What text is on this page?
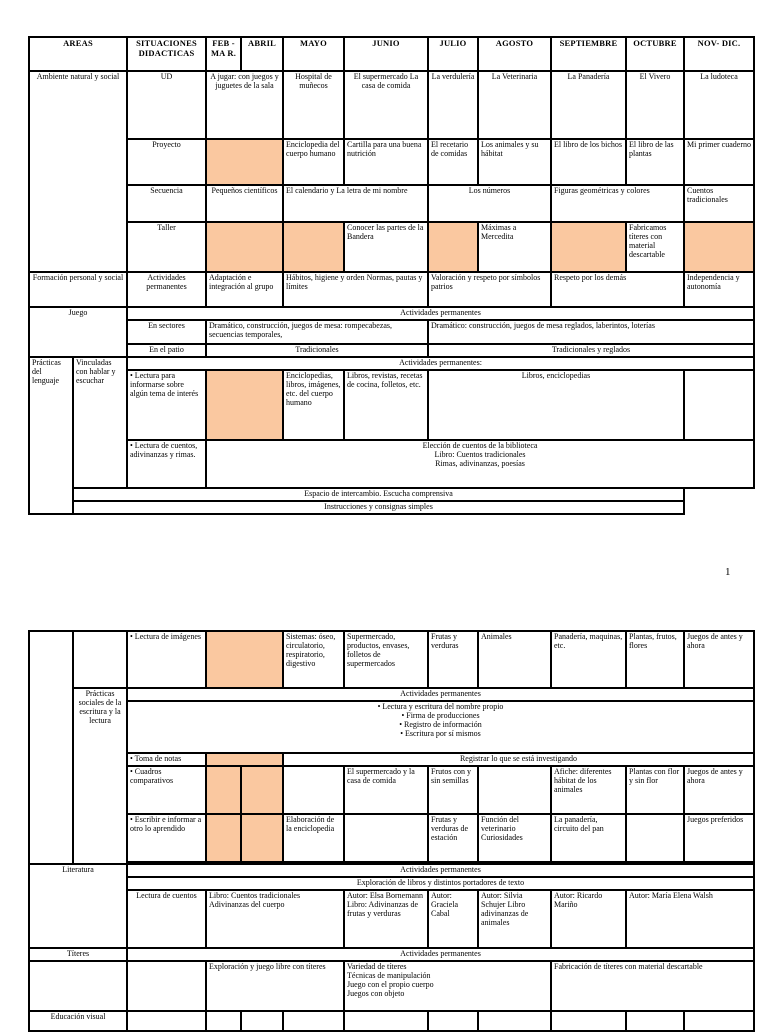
1
AREAS		SITUACIONES DIDACTICAS	FEB -MA R.	ABRIL	MAYO	JUNIO	JULIO	AGOSTO	SEPTIEMBRE	OCTUBRE	NOV- DIC.
Ambiente natural y social		UD	A jugar: con juegos y juguetes de la sala		Hospital de muñecos	El supermercado La casa de comida	La verdulería	La Veterinaria	La Panadería	El Vivero	La ludoteca
		Proyecto			Enciclopedia del cuerpo humano	Cartilla para una buena nutrición	El recetario de comidas	Los animales y su hábitat	El libro de los bichos	El libro de las plantas	Mi primer cuaderno
		Secuencia	Pequeños científicos		El calendario y La letra de mi nombre		Los números		Figuras geométricas y colores		Cuentos tradicionales
		Taller				Conocer las partes de la Bandera		Máximas a Mercedita		Fabricamos títeres con material descartable	
Formación personal y social		Actividades permanentes	Adaptación e integración al grupo		Hábitos, higiene y orden Normas, pautas y límites		Valoración y respeto por símbolos patrios		Respeto por los demás		Independencia y autonomía
Juego		Actividades permanentes									
		En sectores	Dramático, construcción, juegos de mesa: rompecabezas, secuencias temporales,				Dramático: construcción, juegos de mesa reglados, laberintos, loterías				
		En el patio	Tradicionales				Tradicionales y reglados				
Prácticas del lenguaje	Vinculadas con hablar y escuchar	Actividades permanentes:									
		• Lectura para informarse sobre algún tema de interés			Enciclopedias, libros, imágenes, etc. del cuerpo humano	Libros, revistas, recetas de cocina, folletos, etc.	Libros, enciclopedias				
		• Lectura de cuentos, adivinanzas y rimas.	Elección de cuentos de la biblioteca
Libro: Cuentos tradicionales
Rimas, adivinanzas, poesías								
	Espacio de intercambio. Escucha comprensiva										
	Instrucciones y consignas simples										
		• Lectura de imágenes			Sistemas: óseo, circulatorio, respiratorio, digestivo	Supermercado, productos, envases, folletos de supermercados	Frutas y verduras	Animales	Panadería, maquinas, etc.	Plantas, frutos, flores	Juegos de antes y ahora
	Prácticas sociales de la escritura y la lectura	Actividades permanentes									

		• Lectura y escritura del nombre propio
• Firma de producciones
• Registro de información
• Escritura por sí mismos									

		• Toma de notas			Registrar lo que se está investigando						
		• Cuadros comparativos				El supermercado y la casa de comida	Frutos con y sin semillas		Afiche: diferentes hábitat de los animales	Plantas con flor y sin flor	Juegos de antes y ahora
		• Escribir e informar a otro lo aprendido			Elaboración de la enciclopedia		Frutas y verduras de estación	Función del veterinario Curiosidades	La panadería, circuito del pan		Juegos preferidos

Literatura		Actividades permanentes									
		Exploración de libros y distintos portadores de texto									
		Lectura de cuentos	Libro: Cuentos tradicionales Adivinanzas del cuerpo			Autor: Elsa Bornemann Libro: Adivinanzas de frutas y verduras	Autor: Graciela Cabal	Autor: Silvia Schujer Libro adivinanzas de animales	Autor: Ricardo Mariño	Autor: María Elena Walsh	
Títeres		Actividades permanentes									
			Exploración y juego libre con títeres			Variedad de títeres
Técnicas de manipulación
Juego con el propio cuerpo
Juegos con objeto			Fabricación de títeres con material descartable		
Educación visual											
